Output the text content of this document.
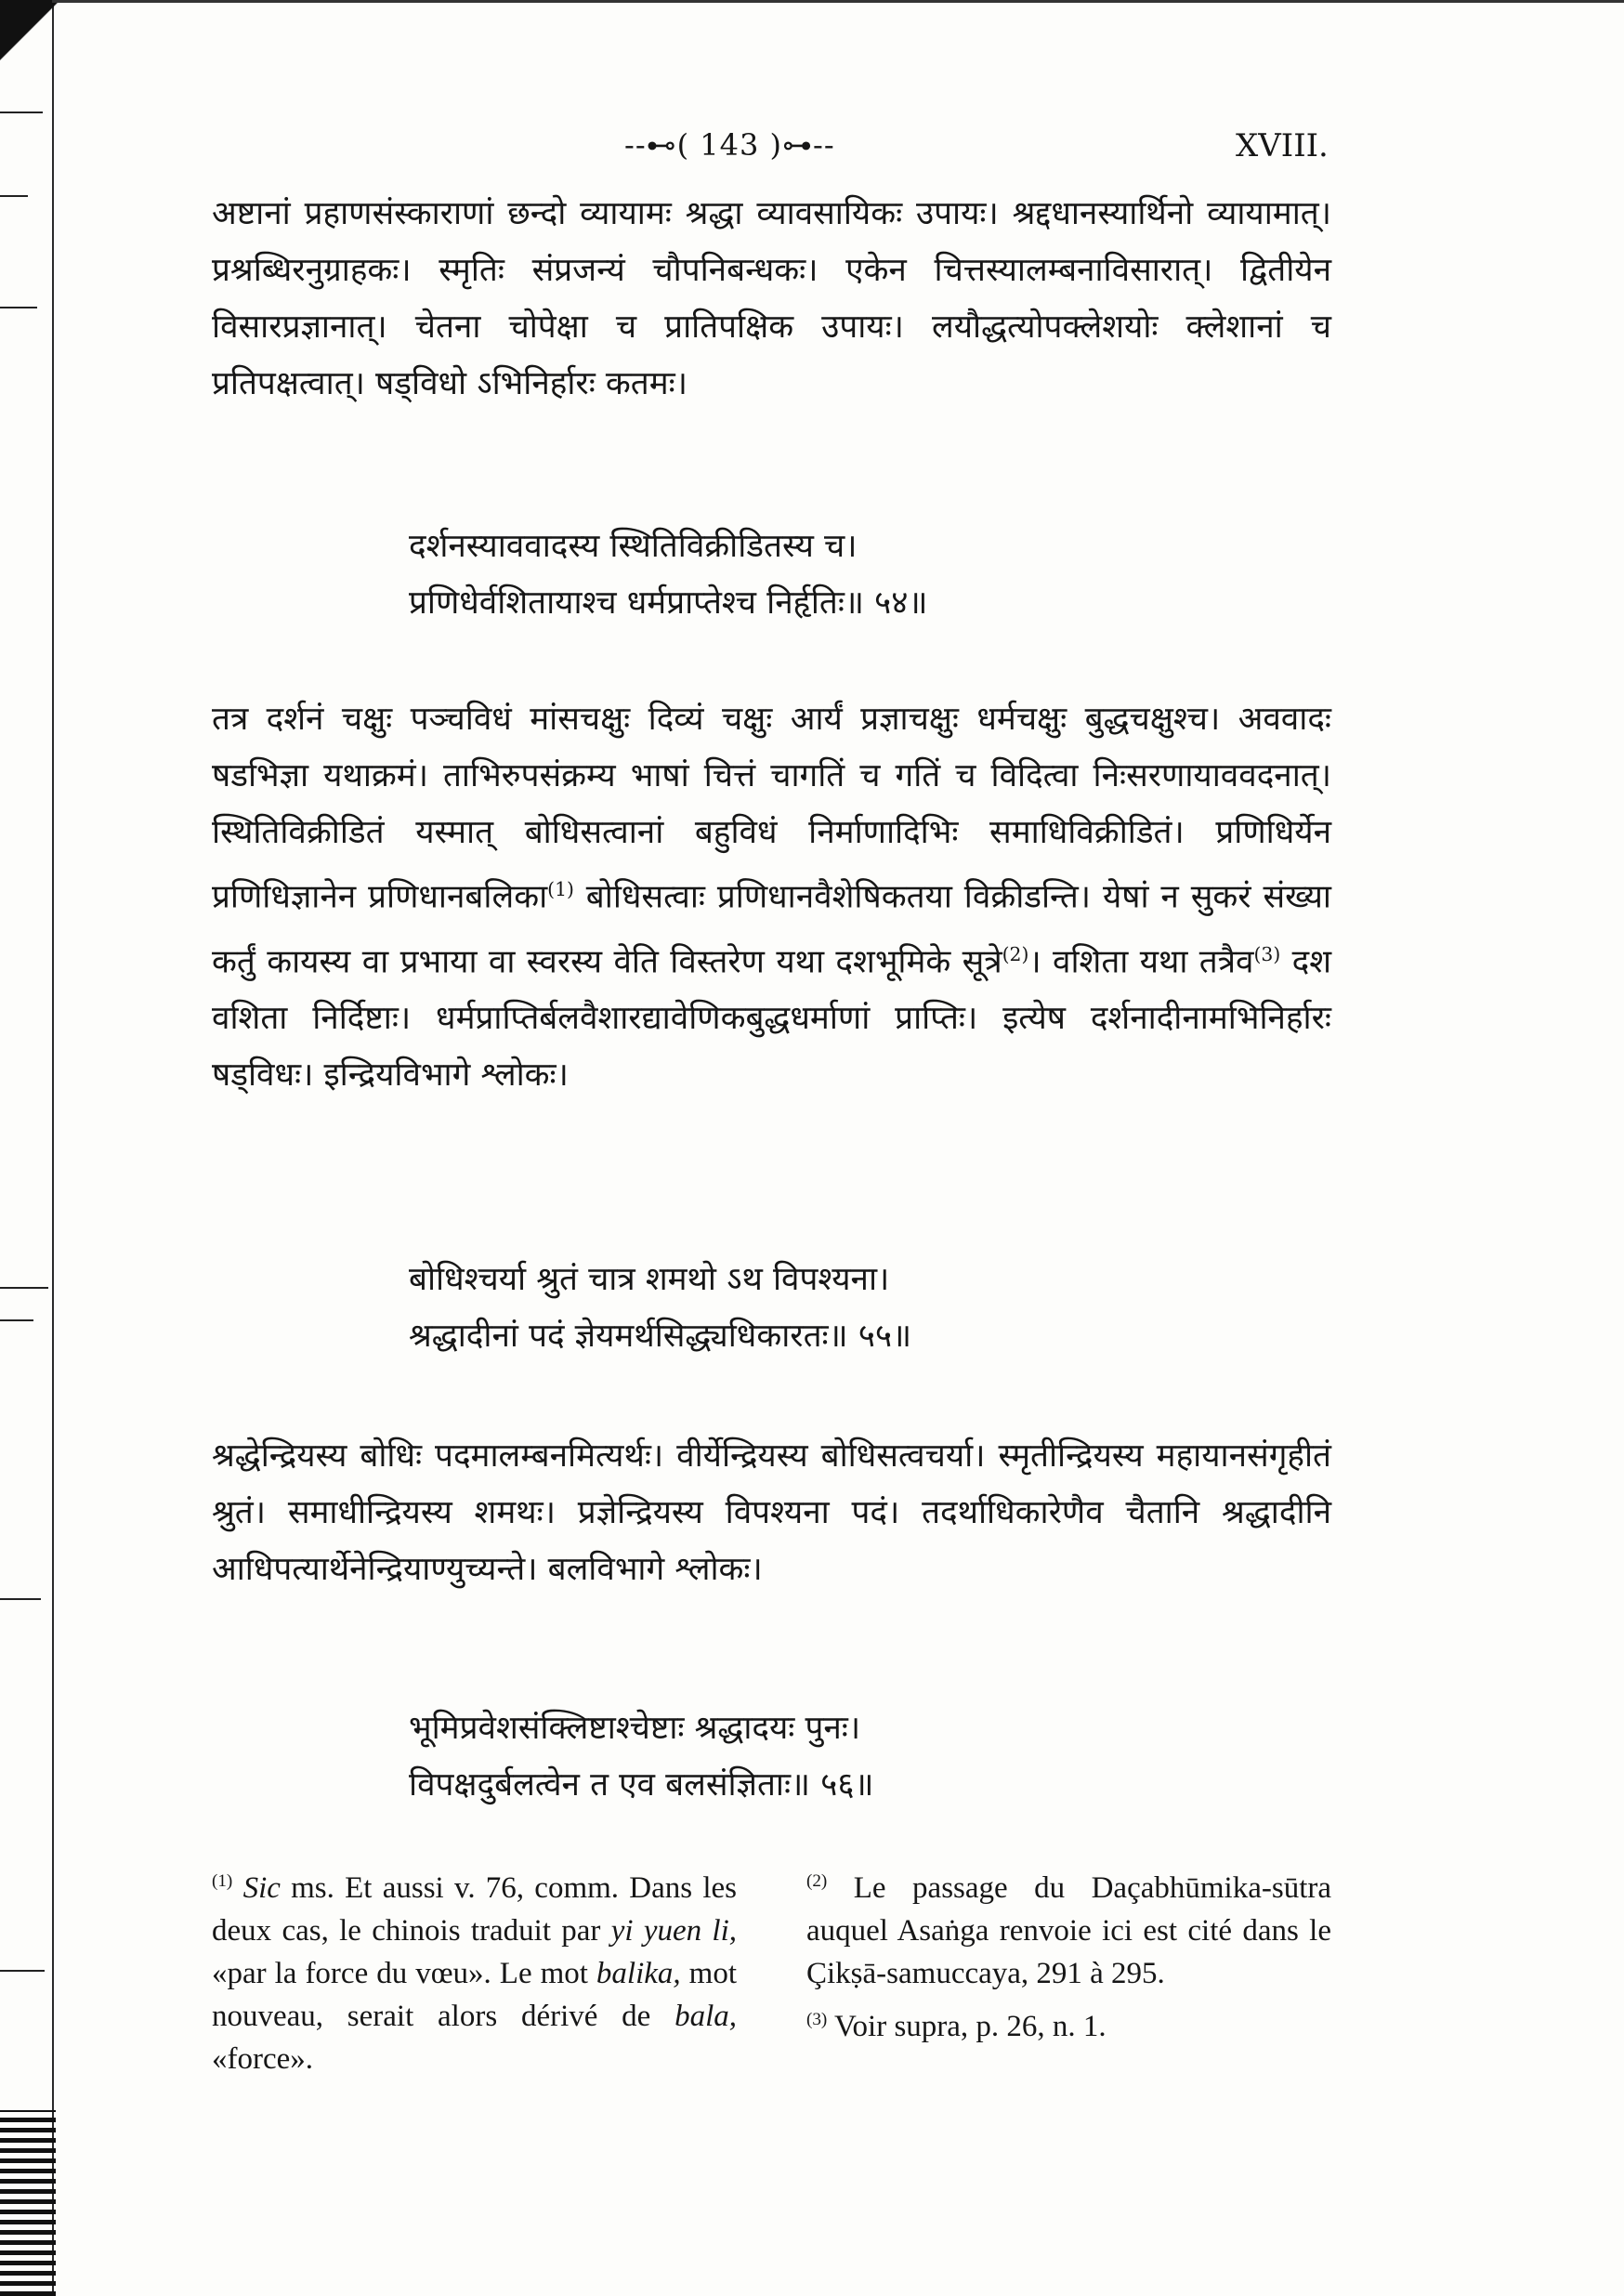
--⊷( 143 )⊶--	XVIII.

अष्टानां प्रहाणसंस्काराणां छन्दो व्यायामः श्रद्धा व्यावसायिकः उपायः। श्रद्दधानस्यार्थिनो व्यायामात्। प्रश्रब्धिरनुग्राहकः। स्मृतिः संप्रजन्यं चौपनिबन्धकः। एकेन चित्तस्यालम्बनाविसारात्। द्वितीयेन विसारप्रज्ञानात्। चेतना चोपेक्षा च प्रातिपक्षिक उपायः। लयौद्धत्योपक्लेशयोः क्लेशानां च प्रतिपक्षत्वात्। षड्विधो ऽभिनिर्हारः कतमः।

दर्शनस्याववादस्य स्थितिविक्रीडितस्य च।
प्रणिधेर्वशितायाश्च धर्मप्राप्तेश्च निर्हृतिः॥ ५४॥

तत्र दर्शनं चक्षुः पञ्चविधं मांसचक्षुः दिव्यं चक्षुः आर्यं प्रज्ञाचक्षुः धर्मचक्षुः बुद्धचक्षुश्च। अववादः षडभिज्ञा यथाक्रमं। ताभिरुपसंक्रम्य भाषां चित्तं चागतिं च गतिं च विदित्वा निःसरणायाववदनात्। स्थितिविक्रीडितं यस्मात् बोधिसत्वानां बहुविधं निर्माणादिभिः समाधिविक्रीडितं। प्रणिधिर्येन प्रणिधिज्ञानेन प्रणिधानबलिका$^{(1)}$ बोधिसत्वाः प्रणिधानवैशेषिकतया विक्रीडन्ति। येषां न सुकरं संख्या कर्तुं कायस्य वा प्रभाया वा स्वरस्य वेति विस्तरेण यथा दशभूमिके सूत्रे$^{(2)}$। वशिता यथा तत्रैव$^{(3)}$ दश वशिता निर्दिष्टाः। धर्मप्राप्तिर्बलवैशारद्यावेणिकबुद्धधर्माणां प्राप्तिः। इत्येष दर्शनादीनामभिनिर्हारः षड्विधः। इन्द्रियविभागे श्लोकः।

बोधिश्चर्या श्रुतं चात्र शमथो ऽथ विपश्यना।
श्रद्धादीनां पदं ज्ञेयमर्थसिद्ध्यधिकारतः॥ ५५॥

श्रद्धेन्द्रियस्य बोधिः पदमालम्बनमित्यर्थः। वीर्येन्द्रियस्य बोधिसत्वचर्या। स्मृतीन्द्रियस्य महायानसंगृहीतं श्रुतं। समाधीन्द्रियस्य शमथः। प्रज्ञेन्द्रियस्य विपश्यना पदं। तदर्थाधिकारेणैव चैतानि श्रद्धादीनि आधिपत्यार्थेनेन्द्रियाण्युच्यन्ते। बलविभागे श्लोकः।

भूमिप्रवेशसंक्लिष्टाश्चेष्टाः श्रद्धादयः पुनः।
विपक्षदुर्बलत्वेन त एव बलसंज्ञिताः॥ ५६॥

$^{(1)}$ Sic ms. Et aussi v. 76, comm. Dans les deux cas, le chinois traduit par yi yuen li, «par la force du vœu». Le mot balika, mot nouveau, serait alors dérivé de bala, «force».

$^{(2)}$ Le passage du Daçabhūmika-sūtra auquel Asaṅga renvoie ici est cité dans le Çikṣā-samuccaya, 291 à 295.

$^{(3)}$ Voir supra, p. 26, n. 1.
